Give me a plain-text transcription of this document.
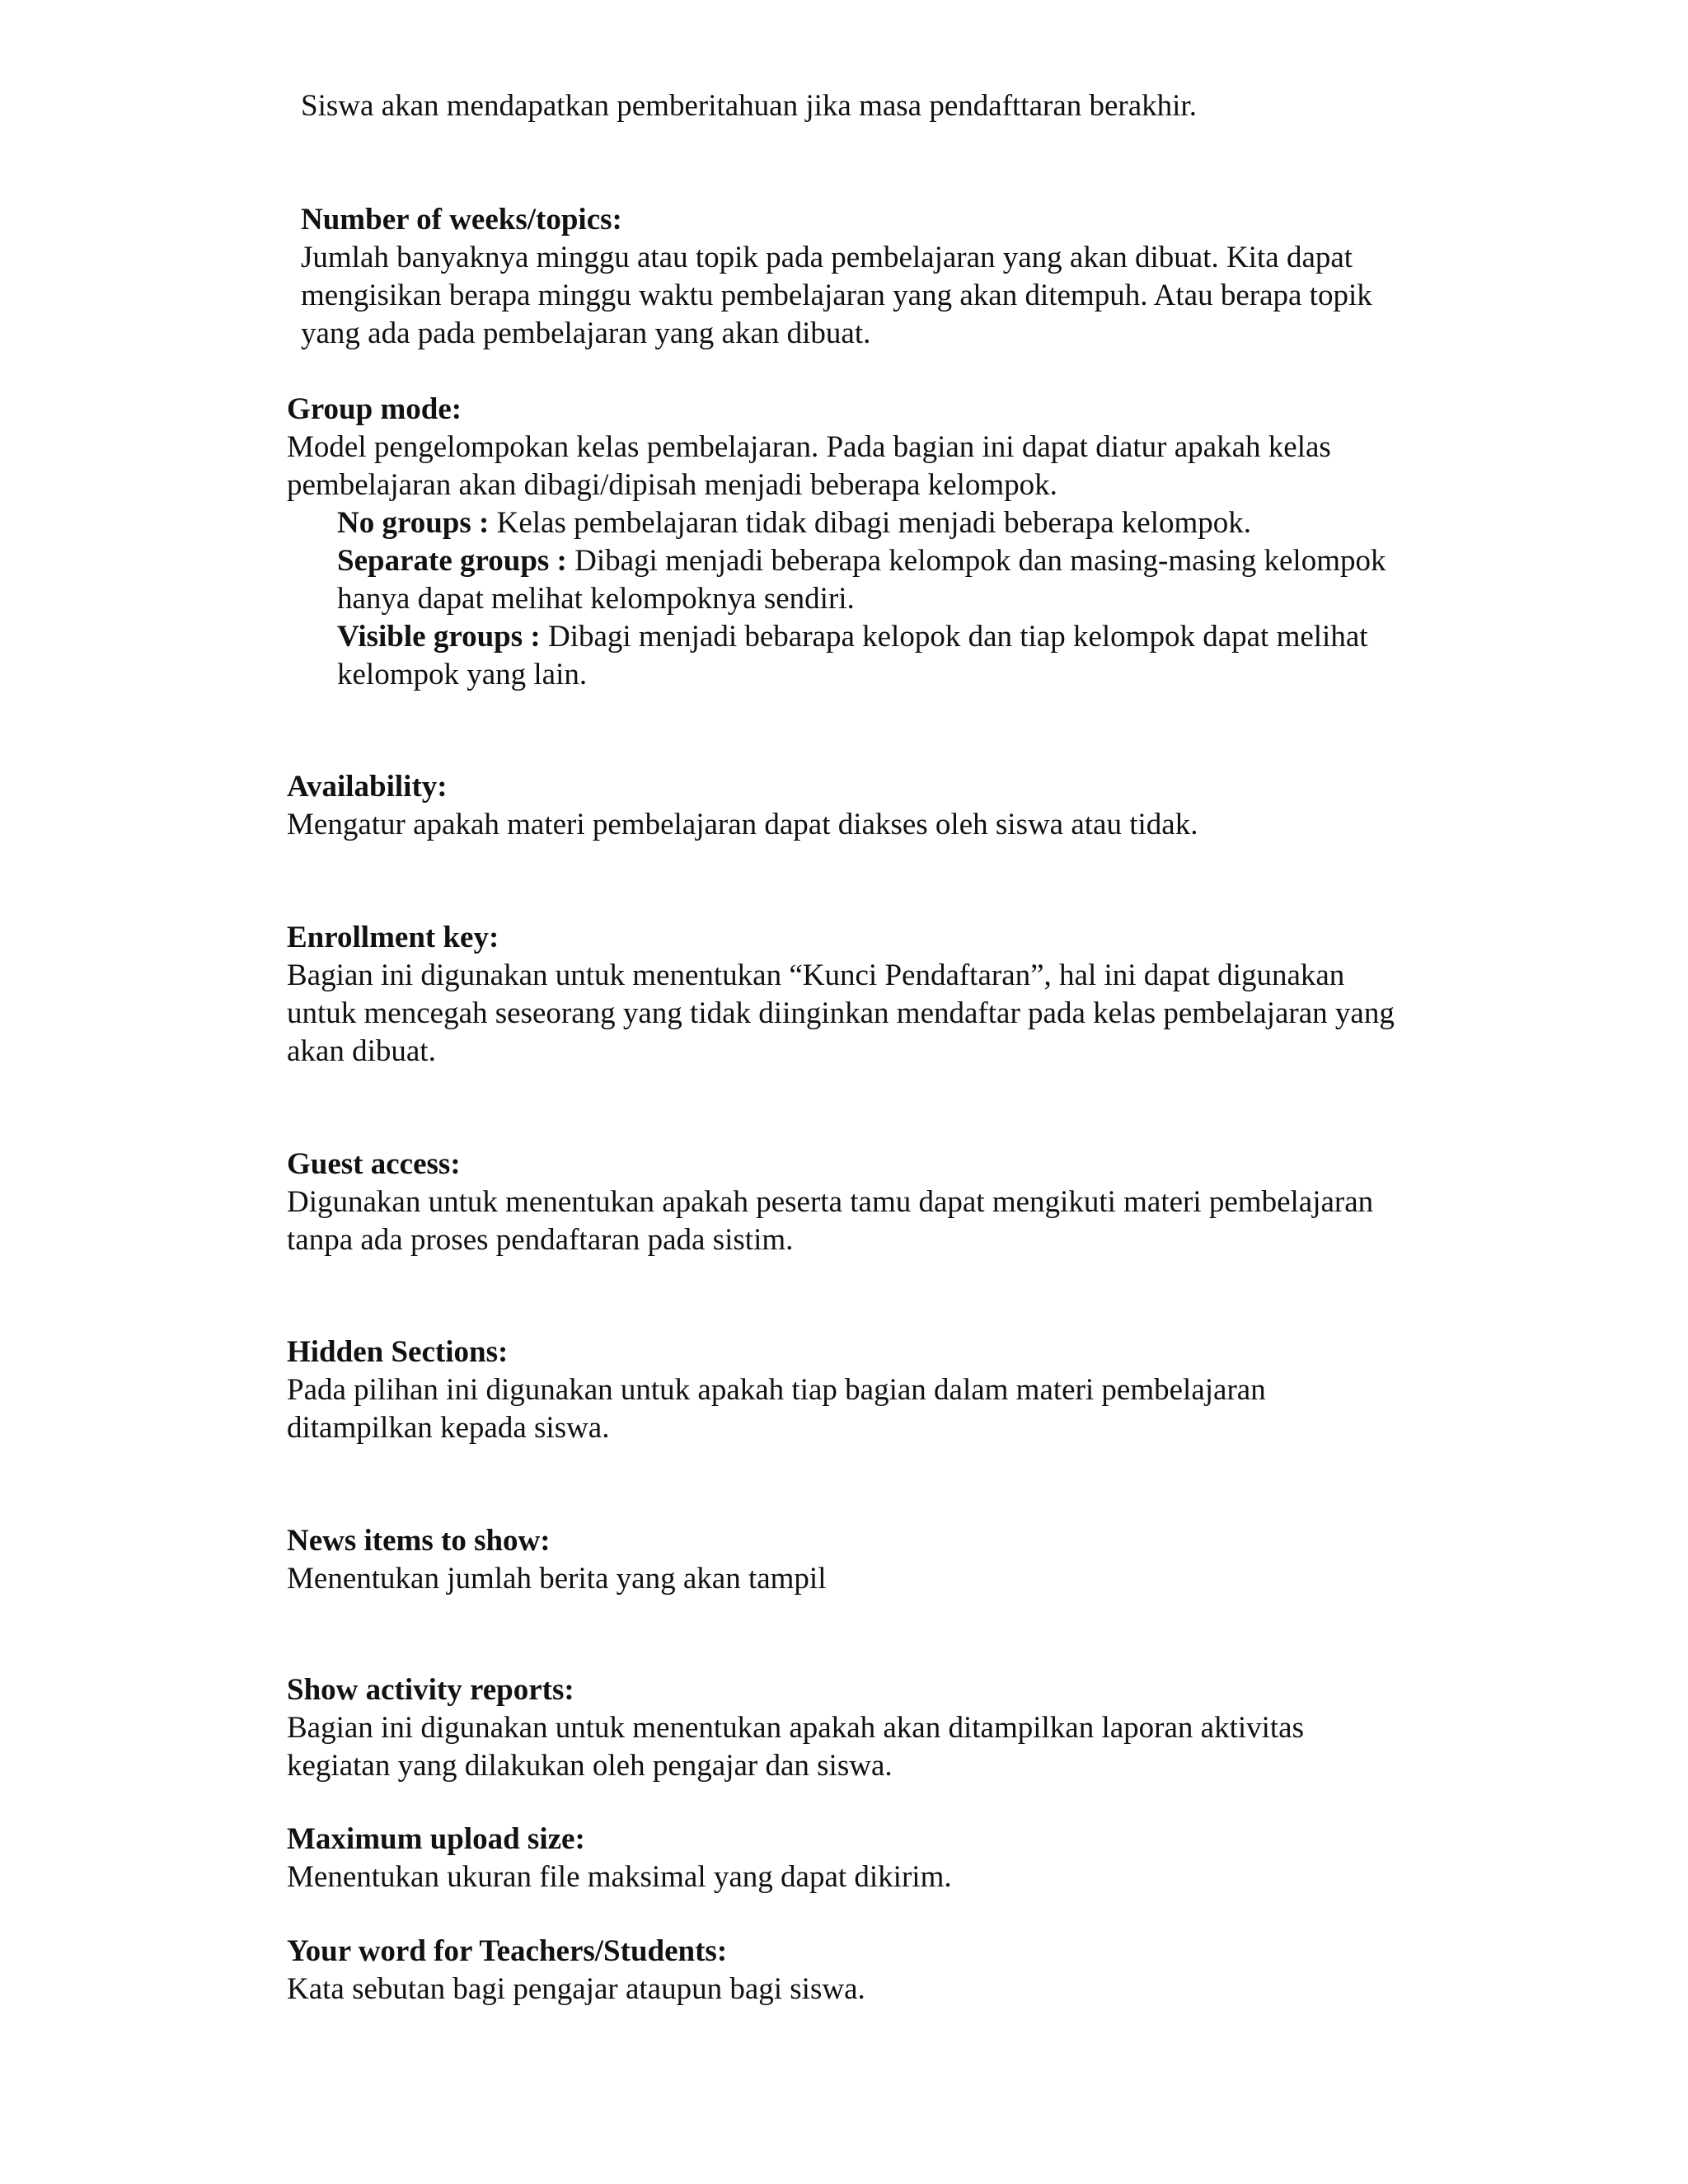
Siswa akan mendapatkan pemberitahuan jika masa pendafttaran berakhir.

Number of weeks/topics:
Jumlah banyaknya minggu atau topik pada pembelajaran yang akan dibuat. Kita dapat mengisikan berapa minggu waktu pembelajaran yang akan ditempuh. Atau berapa topik yang ada pada pembelajaran yang akan dibuat.
Group mode:
Model pengelompokan kelas pembelajaran. Pada bagian ini dapat diatur apakah kelas pembelajaran akan dibagi/dipisah menjadi beberapa kelompok.
No groups : Kelas pembelajaran tidak dibagi menjadi beberapa kelompok.
Separate groups : Dibagi menjadi beberapa kelompok dan masing-masing kelompok hanya dapat melihat kelompoknya sendiri.
Visible groups : Dibagi menjadi bebarapa kelopok dan tiap kelompok dapat melihat kelompok yang lain.
Availability:
Mengatur apakah materi pembelajaran dapat diakses oleh siswa atau tidak.
Enrollment key:
Bagian ini digunakan untuk menentukan “Kunci Pendaftaran”, hal ini dapat digunakan untuk mencegah seseorang yang tidak diinginkan mendaftar pada kelas pembelajaran yang akan dibuat.
Guest access:
Digunakan untuk menentukan apakah peserta tamu dapat mengikuti materi pembelajaran tanpa ada proses pendaftaran pada sistim.
Hidden Sections:
Pada pilihan ini digunakan untuk apakah tiap bagian dalam materi pembelajaran ditampilkan kepada siswa.
News items to show:
Menentukan jumlah berita yang akan tampil
Show activity reports:
Bagian ini digunakan untuk menentukan apakah akan ditampilkan laporan aktivitas kegiatan yang dilakukan oleh pengajar dan siswa.
Maximum upload size:
Menentukan ukuran file maksimal yang dapat dikirim.
Your word for Teachers/Students:
Kata sebutan bagi pengajar ataupun bagi siswa.
